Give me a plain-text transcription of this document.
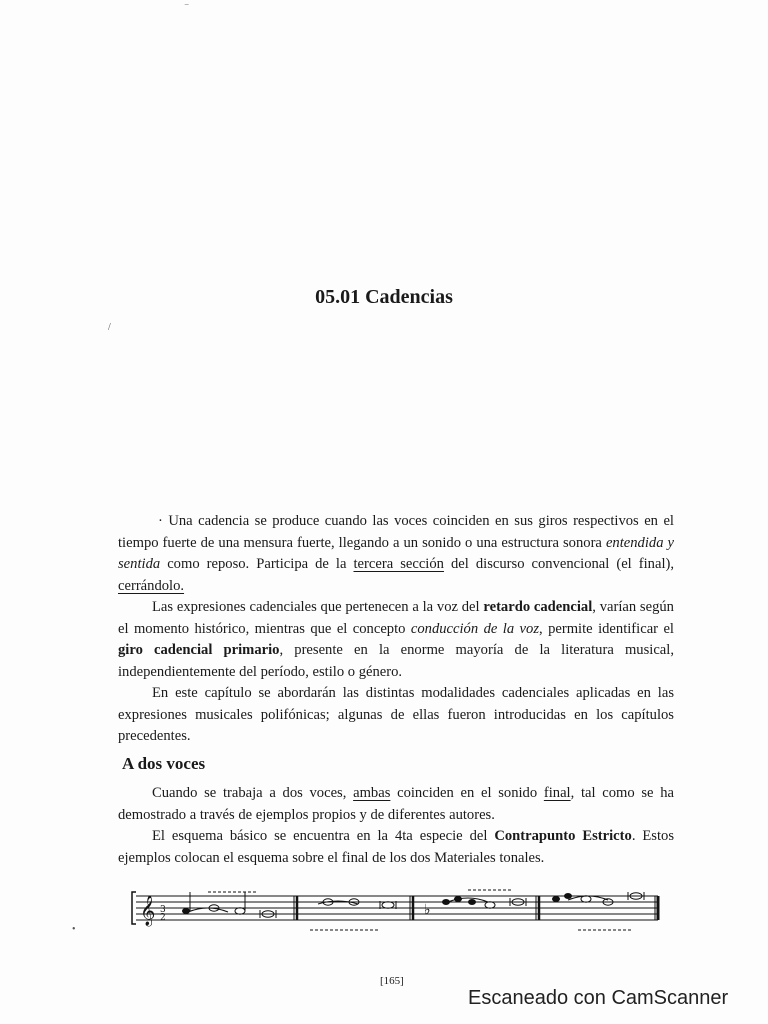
05.01 Cadencias

· Una cadencia se produce cuando las voces coinciden en sus giros respectivos en el tiempo fuerte de una mensura fuerte, llegando a un sonido o una estructura sonora entendida y sentida como reposo. Participa de la tercera sección del discurso convencional (el final), cerrándolo.

Las expresiones cadenciales que pertenecen a la voz del retardo cadencial, varían según el momento histórico, mientras que el concepto conducción de la voz, permite identificar el giro cadencial primario, presente en la enorme mayoría de la literatura musical, independientemente del período, estilo o género.

En este capítulo se abordarán las distintas modalidades cadenciales aplicadas en las expresiones musicales polifónicas; algunas de ellas fueron introducidas en los capítulos precedentes.

A dos voces

Cuando se trabaja a dos voces, ambas coinciden en el sonido final, tal como se ha demostrado a través de ejemplos propios y de diferentes autores.

El esquema básico se encuentra en la 4ta especie del Contrapunto Estricto. Estos ejemplos colocan el esquema sobre el final de los dos Materiales tonales.

𝄞 3
2	♭
[165]
‾
/
•
Escaneado con CamScanner
